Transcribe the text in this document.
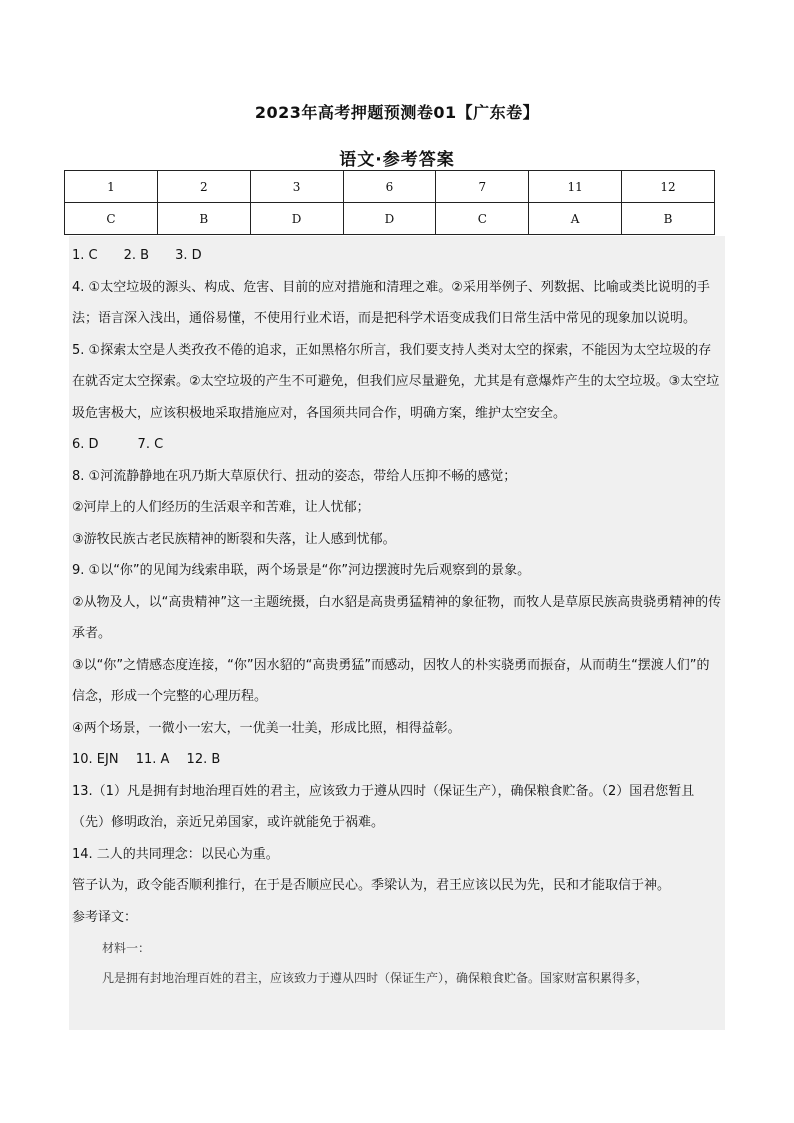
2023年高考押题预测卷01【广东卷】
语文·参考答案
1	2	3	6	7	11	12
C	B	D	D	C	A	B

1. C　　2. B　　3. D

4. ①太空垃圾的源头、构成、危害、目前的应对措施和清理之难。②采用举例子、列数据、比喻或类比说明的手法；语言深入浅出，通俗易懂，不使用行业术语，而是把科学术语变成我们日常生活中常见的现象加以说明。

5. ①探索太空是人类孜孜不倦的追求，正如黑格尔所言，我们要支持人类对太空的探索，不能因为太空垃圾的存在就否定太空探索。②太空垃圾的产生不可避免，但我们应尽量避免，尤其是有意爆炸产生的太空垃圾。③太空垃圾危害极大，应该积极地采取措施应对，各国须共同合作，明确方案，维护太空安全。

6. D　　　7. C

8. ①河流静静地在巩乃斯大草原伏行、扭动的姿态，带给人压抑不畅的感觉；

②河岸上的人们经历的生活艰辛和苦难，让人忧郁；

③游牧民族古老民族精神的断裂和失落，让人感到忧郁。

9. ①以“你”的见闻为线索串联，两个场景是“你”河边摆渡时先后观察到的景象。

②从物及人，以“高贵精神”这一主题统摄，白水貂是高贵勇猛精神的象征物，而牧人是草原民族高贵骁勇精神的传承者。

③以“你”之情感态度连接，“你”因水貂的“高贵勇猛”而感动，因牧人的朴实骁勇而振奋，从而萌生“摆渡人们”的信念，形成一个完整的心理历程。

④两个场景，一微小一宏大，一优美一壮美，形成比照，相得益彰。

10. EJN　 11. A　 12. B

13.（1）凡是拥有封地治理百姓的君主，应该致力于遵从四时（保证生产），确保粮食贮备。（2）国君您暂且（先）修明政治，亲近兄弟国家，或许就能免于祸难。

14. 二人的共同理念：以民心为重。

管子认为，政令能否顺利推行，在于是否顺应民心。季梁认为，君王应该以民为先，民和才能取信于神。

参考译文：

材料一：

凡是拥有封地治理百姓的君主，应该致力于遵从四时（保证生产），确保粮食贮备。国家财富积累得多，
